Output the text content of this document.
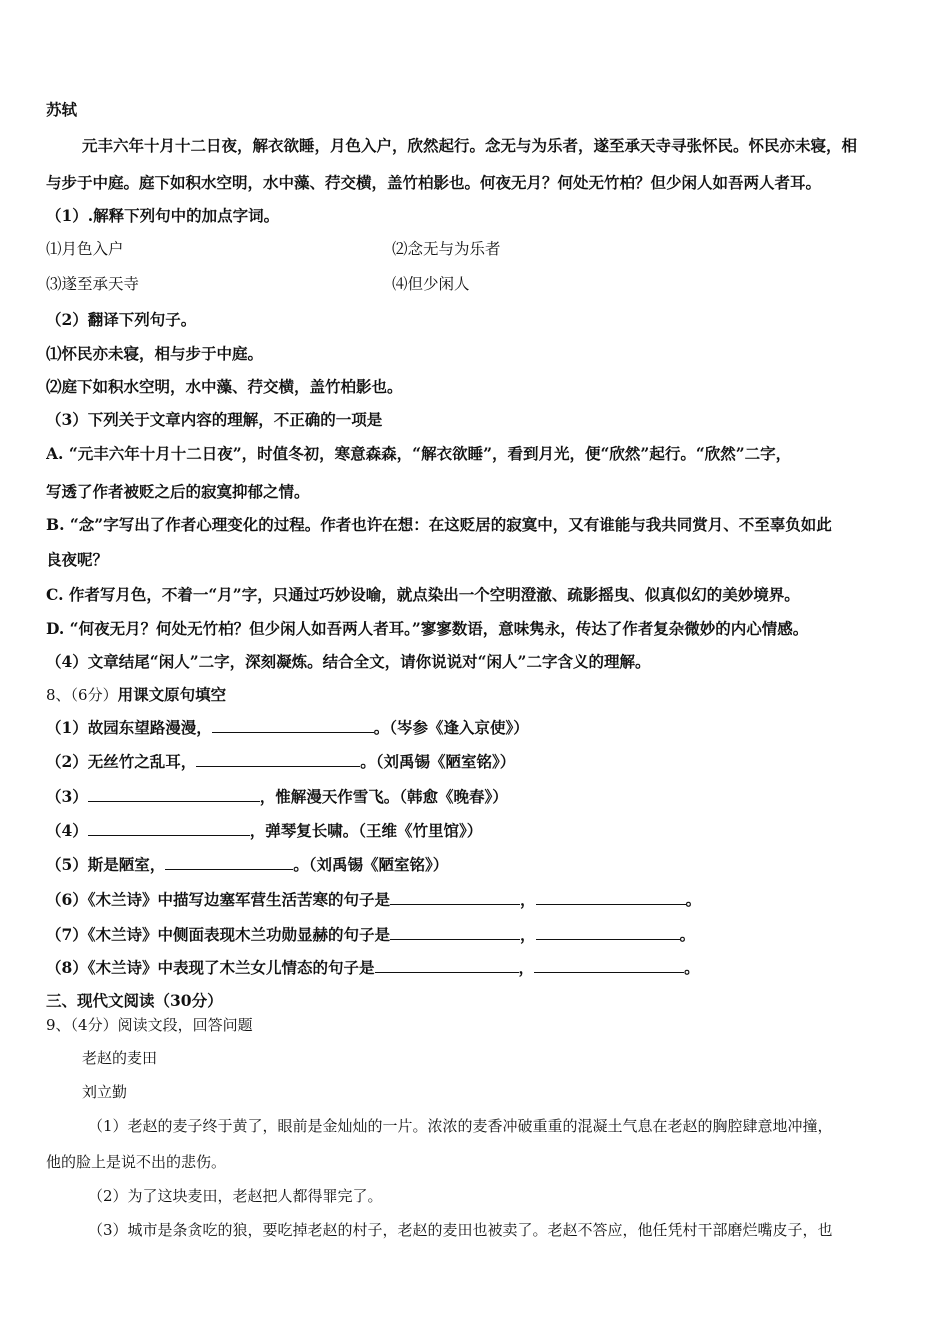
苏轼
元丰六年十月十二日夜，解衣欲睡，月色入户，欣然起行。念无与为乐者，遂至承天寺寻张怀民。怀民亦未寝，相
与步于中庭。庭下如积水空明，水中藻、荇交横，盖竹柏影也。何夜无月？何处无竹柏？但少闲人如吾两人者耳。
（1）.解释下列句中的加点字词。
⑴月色入户	⑵念无与为乐者
⑶遂至承天寺	⑷但少闲人
（2）翻译下列句子。
⑴怀民亦未寝，相与步于中庭。
⑵庭下如积水空明，水中藻、荇交横，盖竹柏影也。
（3）下列关于文章内容的理解，不正确的一项是
A. “元丰六年十月十二日夜”，时值冬初，寒意森森，“解衣欲睡”，看到月光，便“欣然”起行。“欣然”二字，
写透了作者被贬之后的寂寞抑郁之情。
B. “念”字写出了作者心理变化的过程。作者也许在想：在这贬居的寂寞中，又有谁能与我共同赏月、不至辜负如此
良夜呢？
C. 作者写月色，不着一“月”字，只通过巧妙设喻，就点染出一个空明澄澈、疏影摇曳、似真似幻的美妙境界。
D. “何夜无月？何处无竹柏？但少闲人如吾两人者耳。”寥寥数语，意味隽永，传达了作者复杂微妙的内心情感。
（4）文章结尾“闲人”二字，深刻凝炼。结合全文，请你说说对“闲人”二字含义的理解。
8、（6分）用课文原句填空
（1）故园东望路漫漫，	。（岑参《逢入京使》）
（2）无丝竹之乱耳，	。（刘禹锡《陋室铭》）
（3）	，惟解漫天作雪飞。（韩愈《晚春》）
（4）	，弹琴复长啸。（王维《竹里馆》）
（5）斯是陋室，	。（刘禹锡《陋室铭》）
（6）《木兰诗》中描写边塞军营生活苦寒的句子是	，	。
（7）《木兰诗》中侧面表现木兰功勋显赫的句子是	，	。
（8）《木兰诗》中表现了木兰女儿情态的句子是	，	。
三、现代文阅读（30分）
9、（4分）阅读文段，回答问题
老赵的麦田
刘立勤
（1）老赵的麦子终于黄了，眼前是金灿灿的一片。浓浓的麦香冲破重重的混凝土气息在老赵的胸腔肆意地冲撞，
他的脸上是说不出的悲伤。
（2）为了这块麦田，老赵把人都得罪完了。
（3）城市是条贪吃的狼，要吃掉老赵的村子，老赵的麦田也被卖了。老赵不答应，他任凭村干部磨烂嘴皮子，也
